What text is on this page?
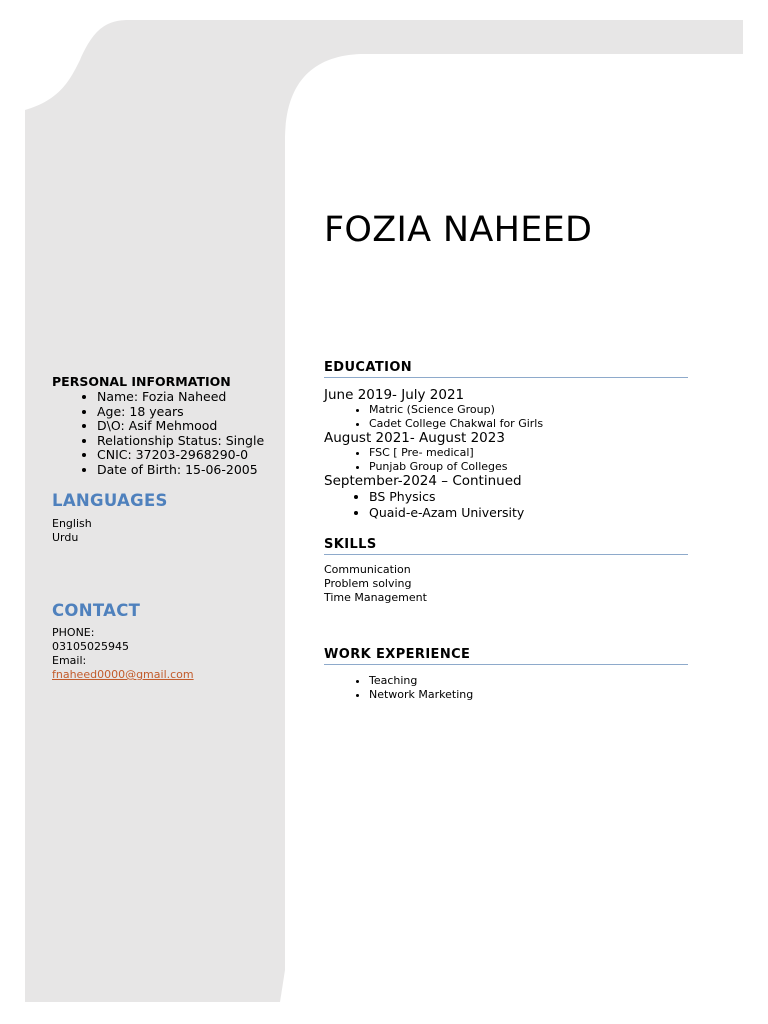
FOZIA NAHEED

PERSONAL INFORMATION

• Name: Fozia Naheed
• Age: 18 years
• D\O: Asif Mehmood
• Relationship Status: Single
• CNIC: 37203-2968290-0
• Date of Birth: 15-06-2005

LANGUAGES

English
Urdu

CONTACT

PHONE:
03105025945
Email:
fnaheed0000@gmail.com
EDUCATION

June 2019- July 2021

• Matric (Science Group)
• Cadet College Chakwal for Girls

August 2021- August 2023

• FSC [ Pre- medical]
• Punjab Group of Colleges

September-2024 – Continued

• BS Physics
• Quaid-e-Azam University
SKILLS
Communication
Problem solving
Time Management
WORK EXPERIENCE
• Teaching
• Network Marketing
